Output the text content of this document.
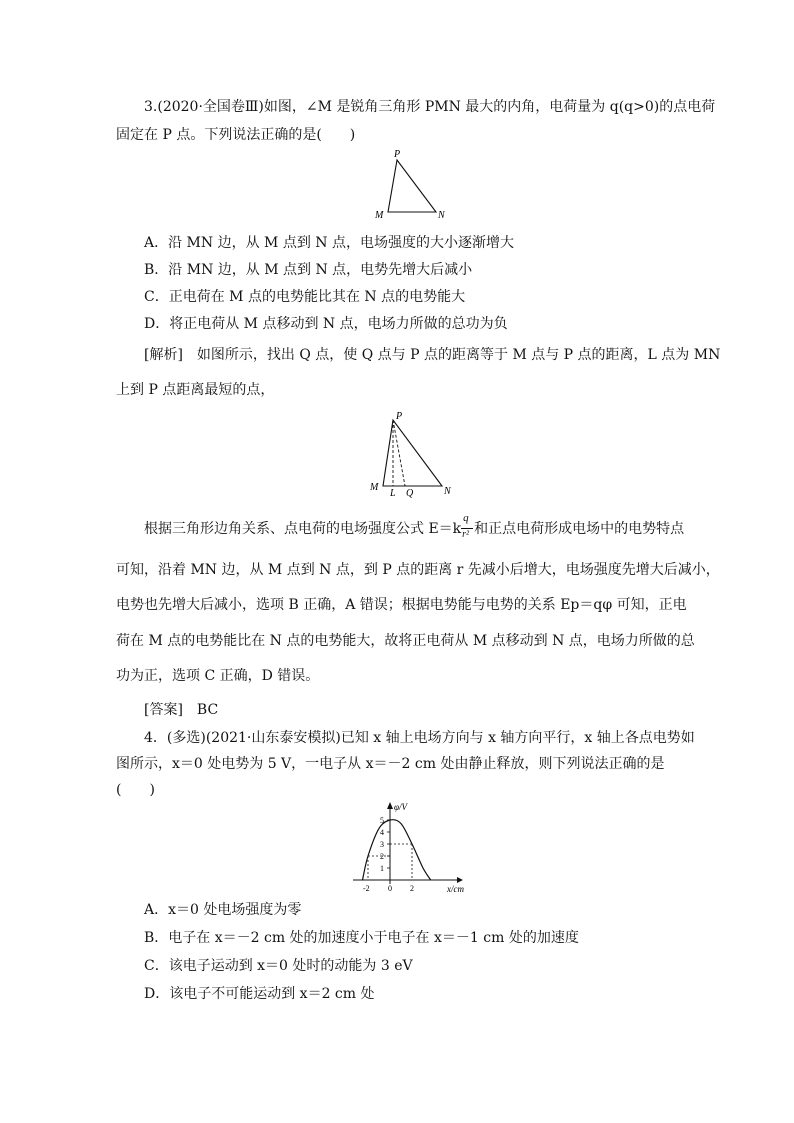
3.(2020·全国卷Ⅲ)如图，∠M 是锐角三角形 PMN 最大的内角，电荷量为 q(q>0)的点电荷
固定在 P 点。下列说法正确的是(　　)
P
M	N
A．沿 MN 边，从 M 点到 N 点，电场强度的大小逐渐增大
B．沿 MN 边，从 M 点到 N 点，电势先增大后减小
C．正电荷在 M 点的电势能比其在 N 点的电势能大
D．将正电荷从 M 点移动到 N 点，电场力所做的总功为负
[解析]　如图所示，找出 Q 点，使 Q 点与 P 点的距离等于 M 点与 P 点的距离，L 点为 MN
上到 P 点距离最短的点，
P
M
L Q	N
根据三角形边角关系、点电荷的电场强度公式 $E=k \frac{q}{\text{r²}}$ 和正点电荷形成电场中的电势特点
可知，沿着 MN 边，从 M 点到 N 点，到 P 点的距离 r 先减小后增大，电场强度先增大后减小，
电势也先增大后减小，选项 B 正确，A 错误；根据电势能与电势的关系 Ep＝qφ 可知，正电
荷在 M 点的电势能比在 N 点的电势能大，故将正电荷从 M 点移动到 N 点，电场力所做的总
功为正，选项 C 正确，D 错误。
[答案]　BC
4．(多选)(2021·山东泰安模拟)已知 x 轴上电场方向与 x 轴方向平行，x 轴上各点电势如
图所示，x＝0 处电势为 5 V，一电子从 x＝－2 cm 处由静止释放，则下列说法正确的是
(　　)
φ/V
x/cm
1
2
3
4
5
-2 0 2
A．x＝0 处电场强度为零
B．电子在 x＝－2 cm 处的加速度小于电子在 x＝－1 cm 处的加速度
C．该电子运动到 x＝0 处时的动能为 3 eV
D．该电子不可能运动到 x＝2 cm 处
